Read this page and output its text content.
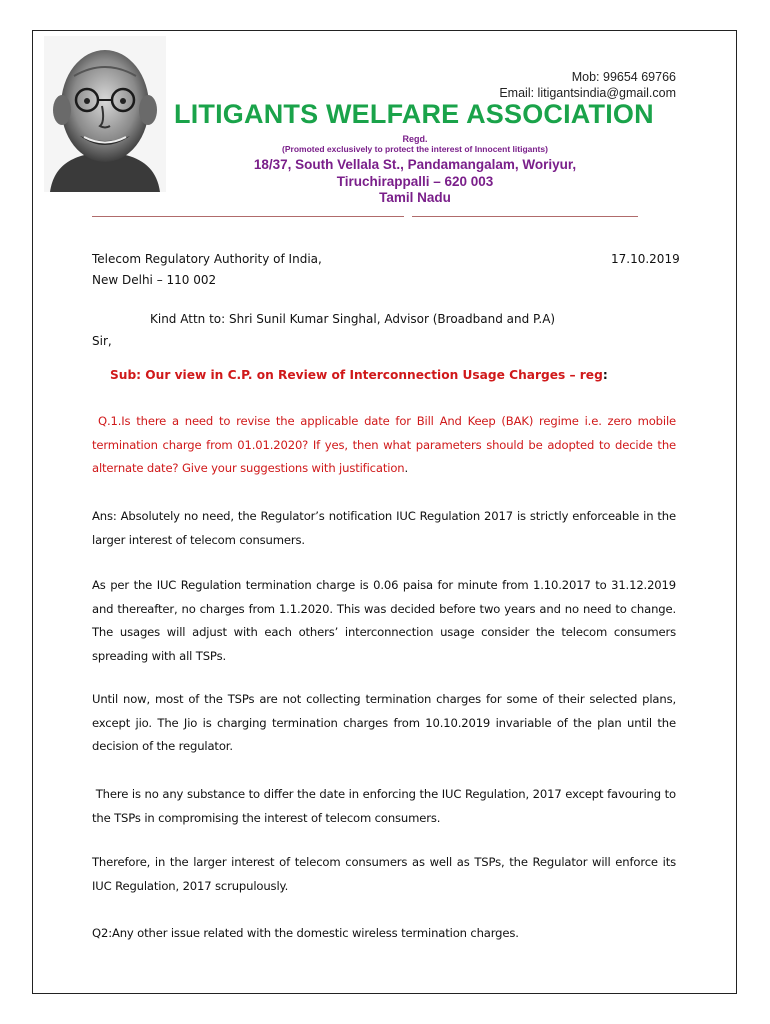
Mob: 99654 69766
Email: litigantsindia@gmail.com
LITIGANTS WELFARE ASSOCIATION
Regd.
(Promoted exclusively to protect the interest of Innocent litigants)
18/37, South Vellala St., Pandamangalam, Woriyur,
Tiruchirappalli – 620 003
Tamil Nadu
Telecom Regulatory Authority of India,
New Delhi – 110 002
17.10.2019
Kind Attn to: Shri Sunil Kumar Singhal, Advisor (Broadband and P.A)
Sir,
Sub: Our view in C.P. on Review of Interconnection Usage Charges – reg:
Q.1.Is there a need to revise the applicable date for Bill And Keep (BAK) regime i.e. zero mobile termination charge from 01.01.2020? If yes, then what parameters should be adopted to decide the alternate date? Give your suggestions with justification.
Ans: Absolutely no need, the Regulator’s notification IUC Regulation 2017 is strictly enforceable in the larger interest of telecom consumers.
As per the IUC Regulation termination charge is 0.06 paisa for minute from 1.10.2017 to 31.12.2019 and thereafter, no charges from 1.1.2020. This was decided before two years and no need to change. The usages will adjust with each others’ interconnection usage consider the telecom consumers spreading with all TSPs.
Until now, most of the TSPs are not collecting termination charges for some of their selected plans, except jio. The Jio is charging termination charges from 10.10.2019 invariable of the plan until the decision of the regulator.
There is no any substance to differ the date in enforcing the IUC Regulation, 2017 except favouring to the TSPs in compromising the interest of telecom consumers.
Therefore, in the larger interest of telecom consumers as well as TSPs, the Regulator will enforce its IUC Regulation, 2017 scrupulously.
Q2:Any other issue related with the domestic wireless termination charges.
